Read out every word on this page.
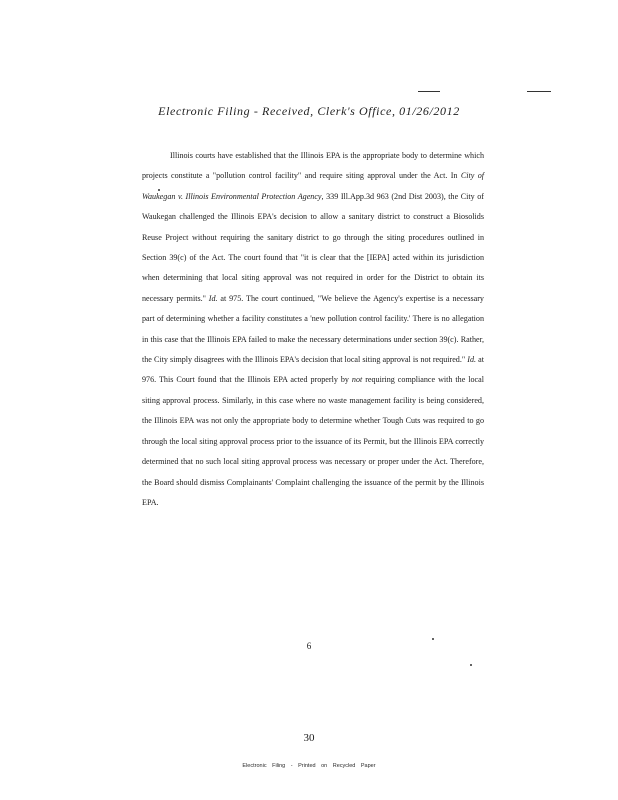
Electronic Filing - Received, Clerk's Office, 01/26/2012
Illinois courts have established that the Illinois EPA is the appropriate body to determine which projects constitute a "pollution control facility" and require siting approval under the Act. In City of Waukegan v. Illinois Environmental Protection Agency, 339 Ill.App.3d 963 (2nd Dist 2003), the City of Waukegan challenged the Illinois EPA's decision to allow a sanitary district to construct a Biosolids Reuse Project without requiring the sanitary district to go through the siting procedures outlined in Section 39(c) of the Act. The court found that "it is clear that the [IEPA] acted within its jurisdiction when determining that local siting approval was not required in order for the District to obtain its necessary permits." Id. at 975. The court continued, "We believe the Agency's expertise is a necessary part of determining whether a facility constitutes a 'new pollution control facility.' There is no allegation in this case that the Illinois EPA failed to make the necessary determinations under section 39(c). Rather, the City simply disagrees with the Illinois EPA's decision that local siting approval is not required." Id. at 976. This Court found that the Illinois EPA acted properly by not requiring compliance with the local siting approval process. Similarly, in this case where no waste management facility is being considered, the Illinois EPA was not only the appropriate body to determine whether Tough Cuts was required to go through the local siting approval process prior to the issuance of its Permit, but the Illinois EPA correctly determined that no such local siting approval process was necessary or proper under the Act. Therefore, the Board should dismiss Complainants' Complaint challenging the issuance of the permit by the Illinois EPA.
6
30
Electronic Filing - Printed on Recycled Paper
